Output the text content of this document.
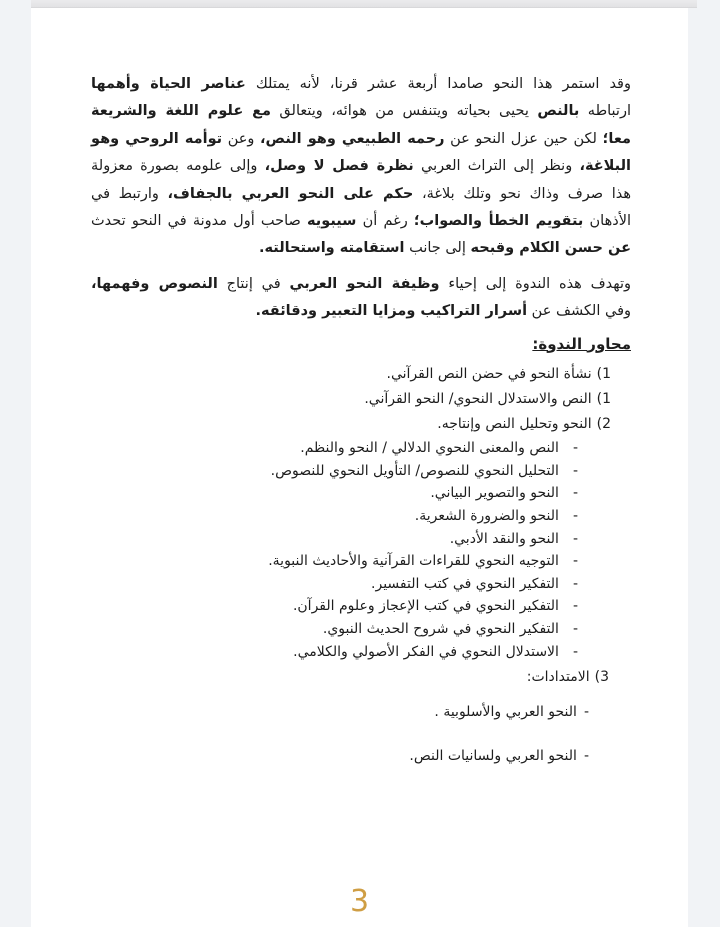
وقد استمر هذا النحو صامدا أربعة عشر قرنا، لأنه يمتلك عناصر الحياة وأهمها
ارتباطه بالنص يحيى بحياته ويتنفس من هوائه، ويتعالق مع علوم اللغة والشريعة
معا؛ لكن حين عزل النحو عن رحمه الطبيعي وهو النص، وعن توأمه الروحي وهو
البلاغة، ونظر إلى التراث العربي نظرة فصل لا وصل، وإلى علومه بصورة معزولة
هذا صرف وذاك نحو وتلك بلاغة، حكم على النحو العربي بالجفاف، وارتبط في
الأذهان بتقويم الخطأ والصواب؛ رغم أن سيبويه صاحب أول مدونة في النحو تحدث
عن حسن الكلام وقبحه إلى جانب استقامته واستحالته.
وتهدف هذه الندوة إلى إحياء وظيفة النحو العربي في إنتاج النصوص وفهمها،
وفي الكشف عن أسرار التراكيب ومزايا التعبير ودقائقه.
محاور الندوة:
1)نشأة النحو في حضن النص القرآني.
1)النص والاستدلال النحوي/ النحو القرآني.
2)النحو وتحليل النص وإنتاجه.
-النص والمعنى النحوي الدلالي / النحو والنظم.
-التحليل النحوي للنصوص/ التأويل النحوي للنصوص.
-النحو والتصوير البياني.
-النحو والضرورة الشعرية.
-النحو والنقد الأدبي.
-التوجيه النحوي للقراءات القرآنية والأحاديث النبوية.
-التفكير النحوي في كتب التفسير.
-التفكير النحوي في كتب الإعجاز وعلوم القرآن.
-التفكير النحوي في شروح الحديث النبوي.
-الاستدلال النحوي في الفكر الأصولي والكلامي.
3)الامتدادات:
-النحو العربي والأسلوبية .
-النحو العربي ولسانيات النص.
3
